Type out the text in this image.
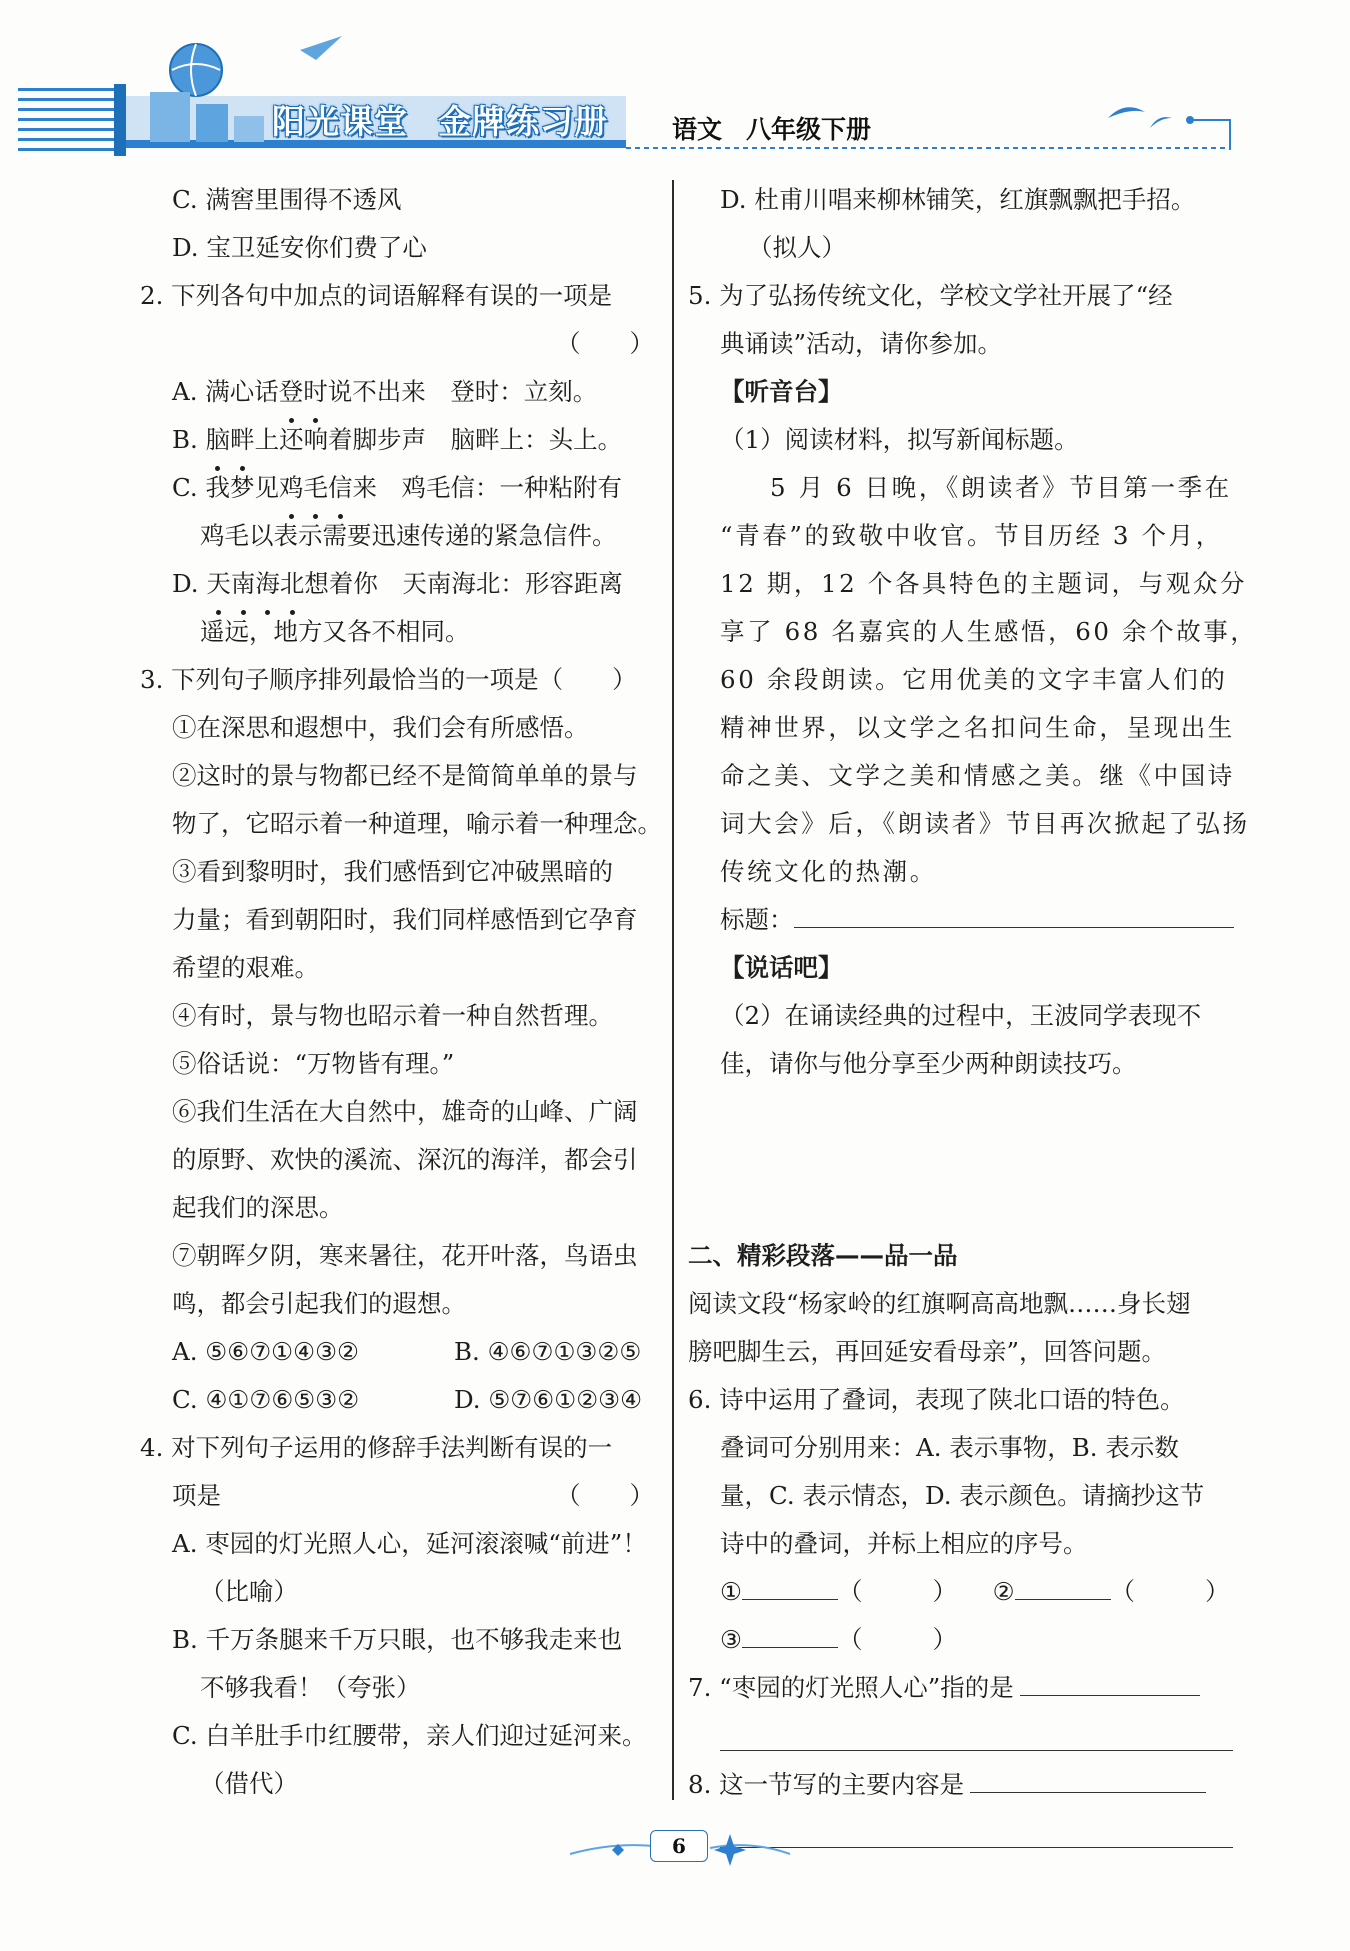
阳光课堂 金牌练习册	语文 八年级下册
C. 满窖里围得不透风
D. 宝卫延安你们费了心
2. 下列各句中加点的词语解释有误的一项是
（　　）
A. 满心话登时说不出来　登时：立刻。
B. 脑畔上还响着脚步声　脑畔上：头上。
C. 我梦见鸡毛信来　鸡毛信：一种粘附有
鸡毛以表示需要迅速传递的紧急信件。
D. 天南海北想着你　天南海北：形容距离
遥远，地方又各不相同。
3. 下列句子顺序排列最恰当的一项是（　　）
①在深思和遐想中，我们会有所感悟。
②这时的景与物都已经不是简简单单的景与
物了，它昭示着一种道理，喻示着一种理念。
③看到黎明时，我们感悟到它冲破黑暗的
力量；看到朝阳时，我们同样感悟到它孕育
希望的艰难。
④有时，景与物也昭示着一种自然哲理。
⑤俗话说：“万物皆有理。”
⑥我们生活在大自然中，雄奇的山峰、广阔
的原野、欢快的溪流、深沉的海洋，都会引
起我们的深思。
⑦朝晖夕阴，寒来暑往，花开叶落，鸟语虫
鸣，都会引起我们的遐想。
A. ⑤⑥⑦①④③②	B. ④⑥⑦①③②⑤
C. ④①⑦⑥⑤③②	D. ⑤⑦⑥①②③④
4. 对下列句子运用的修辞手法判断有误的一
项是	（　　）
A. 枣园的灯光照人心，延河滚滚喊“前进”！
（比喻）
B. 千万条腿来千万只眼，也不够我走来也
不够我看！（夸张）
C. 白羊肚手巾红腰带，亲人们迎过延河来。
（借代）
D. 杜甫川唱来柳林铺笑，红旗飘飘把手招。
（拟人）
5. 为了弘扬传统文化，学校文学社开展了“经
典诵读”活动，请你参加。
【听音台】
（1）阅读材料，拟写新闻标题。
5 月 6 日晚，《朗读者》节目第一季在
“青春”的致敬中收官。节目历经 3 个月，
12 期，12 个各具特色的主题词，与观众分
享了 68 名嘉宾的人生感悟，60 余个故事，
60 余段朗读。它用优美的文字丰富人们的
精神世界，以文学之名扣问生命，呈现出生
命之美、文学之美和情感之美。继《中国诗
词大会》后，《朗读者》节目再次掀起了弘扬
传统文化的热潮。
标题：
【说话吧】
（2）在诵读经典的过程中，王波同学表现不
佳，请你与他分享至少两种朗读技巧。
二、精彩段落——品一品
阅读文段“杨家岭的红旗啊高高地飘……身长翅
膀吧脚生云，再回延安看母亲”，回答问题。
6. 诗中运用了叠词，表现了陕北口语的特色。
叠词可分别用来：A. 表示事物，B. 表示数
量，C. 表示情态，D. 表示颜色。请摘抄这节
诗中的叠词，并标上相应的序号。
①	（	） ②	（	）
③	（	）
7. “枣园的灯光照人心”指的是
8. 这一节写的主要内容是
6
